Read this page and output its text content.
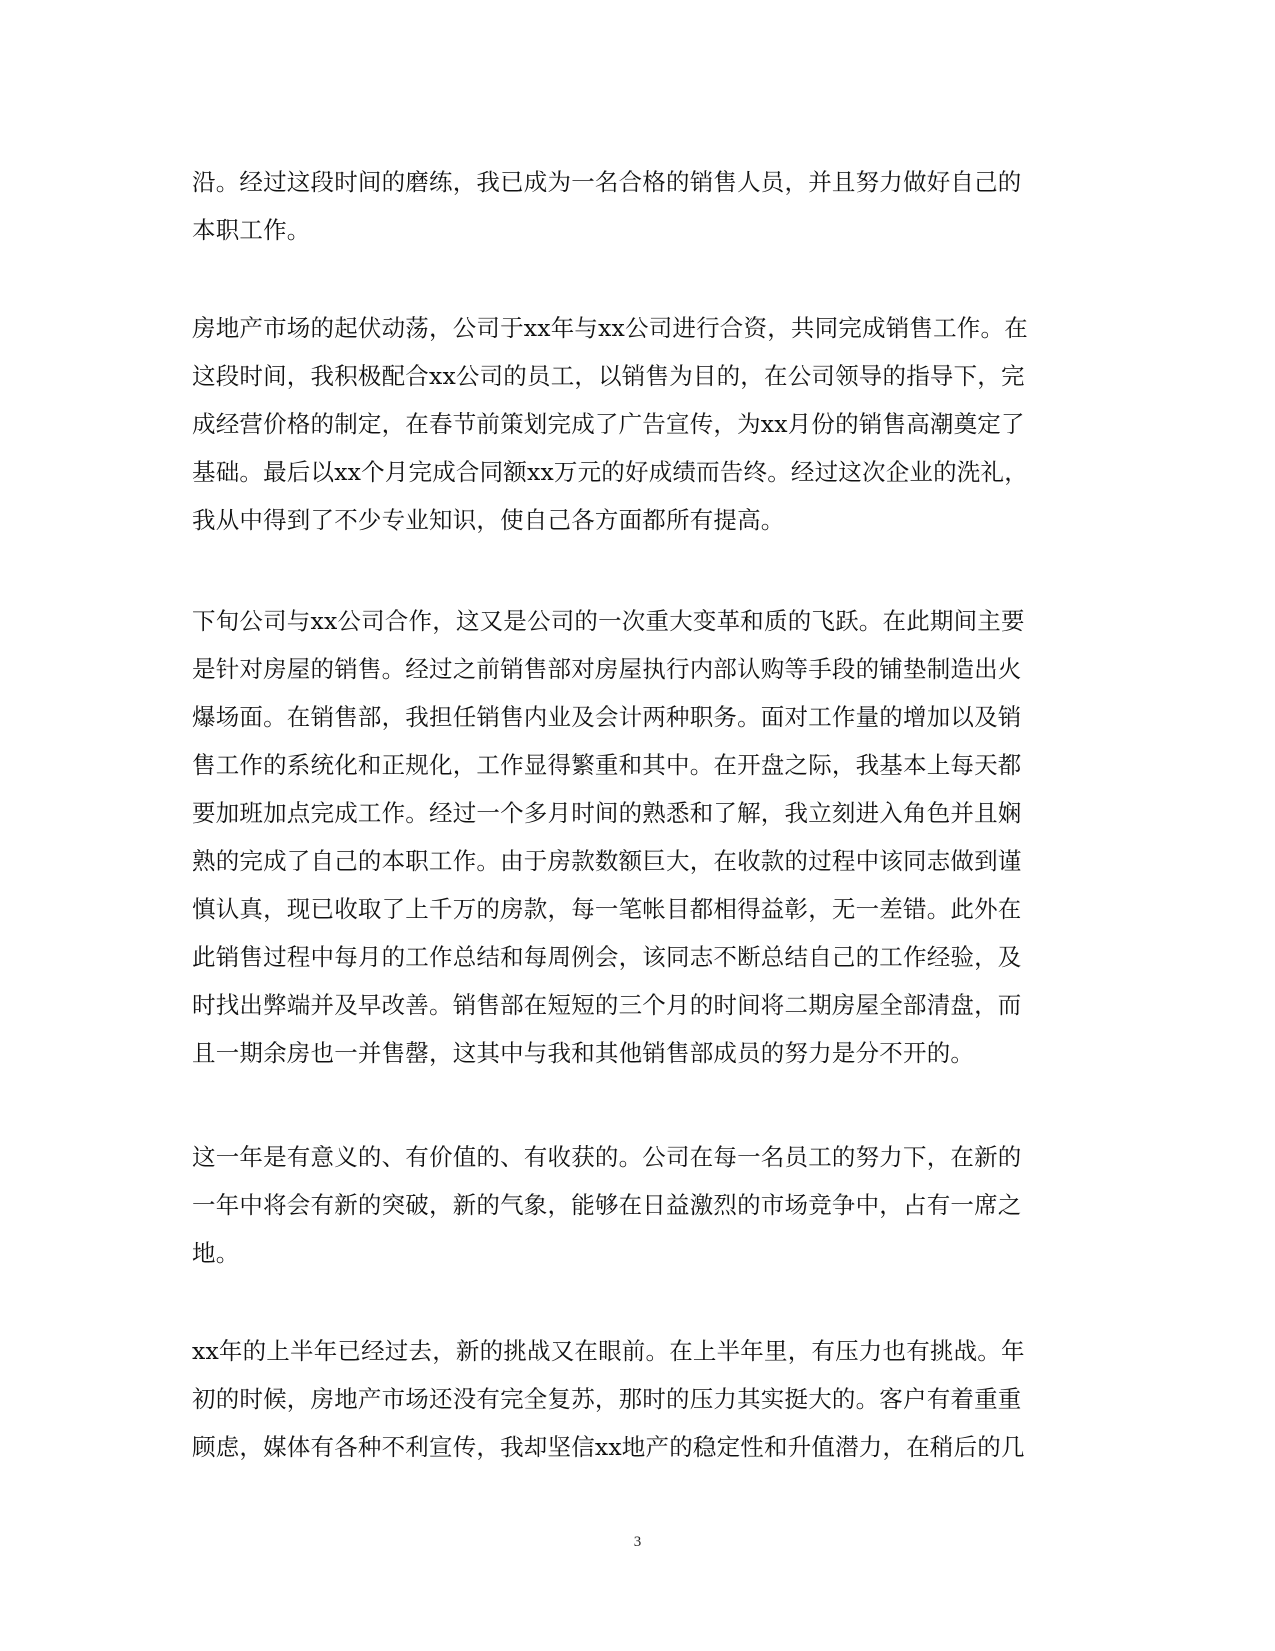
沿。经过这段时间的磨练，我已成为一名合格的销售人员，并且努力做好自己的
本职工作。
房地产市场的起伏动荡，公司于xx年与xx公司进行合资，共同完成销售工作。在
这段时间，我积极配合xx公司的员工，以销售为目的，在公司领导的指导下，完
成经营价格的制定，在春节前策划完成了广告宣传，为xx月份的销售高潮奠定了
基础。最后以xx个月完成合同额xx万元的好成绩而告终。经过这次企业的洗礼，
我从中得到了不少专业知识，使自己各方面都所有提高。
下旬公司与xx公司合作，这又是公司的一次重大变革和质的飞跃。在此期间主要
是针对房屋的销售。经过之前销售部对房屋执行内部认购等手段的铺垫制造出火
爆场面。在销售部，我担任销售内业及会计两种职务。面对工作量的增加以及销
售工作的系统化和正规化，工作显得繁重和其中。在开盘之际，我基本上每天都
要加班加点完成工作。经过一个多月时间的熟悉和了解，我立刻进入角色并且娴
熟的完成了自己的本职工作。由于房款数额巨大，在收款的过程中该同志做到谨
慎认真，现已收取了上千万的房款，每一笔帐目都相得益彰，无一差错。此外在
此销售过程中每月的工作总结和每周例会，该同志不断总结自己的工作经验，及
时找出弊端并及早改善。销售部在短短的三个月的时间将二期房屋全部清盘，而
且一期余房也一并售罄，这其中与我和其他销售部成员的努力是分不开的。
这一年是有意义的、有价值的、有收获的。公司在每一名员工的努力下，在新的
一年中将会有新的突破，新的气象，能够在日益激烈的市场竞争中，占有一席之
地。
xx年的上半年已经过去，新的挑战又在眼前。在上半年里，有压力也有挑战。年
初的时候，房地产市场还没有完全复苏，那时的压力其实挺大的。客户有着重重
顾虑，媒体有各种不利宣传，我却坚信xx地产的稳定性和升值潜力，在稍后的几
3
